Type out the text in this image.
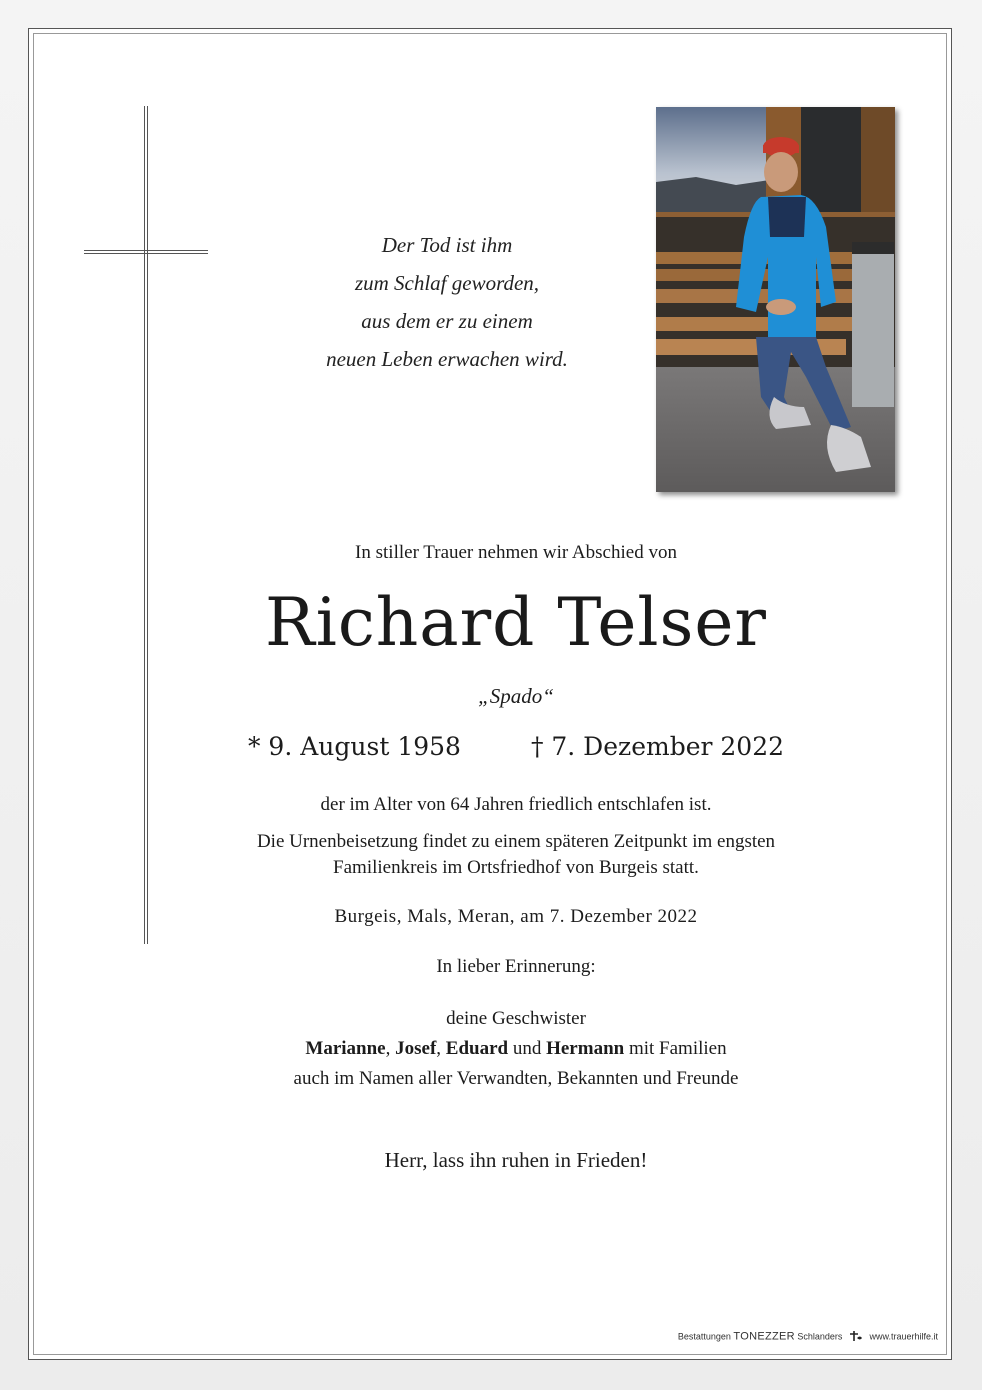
Der Tod ist ihm
zum Schlaf geworden,
aus dem er zu einem
neuen Leben erwachen wird.
In stiller Trauer nehmen wir Abschied von
Richard Telser
„Spado“
* 9. August 1958	† 7. Dezember 2022
der im Alter von 64 Jahren friedlich entschlafen ist.
Die Urnenbeisetzung findet zu einem späteren Zeitpunkt im engsten
Familienkreis im Ortsfriedhof von Burgeis statt.
Burgeis, Mals, Meran, am 7. Dezember 2022
In lieber Erinnerung:
deine Geschwister
Marianne, Josef, Eduard und Hermann mit Familien
auch im Namen aller Verwandten, Bekannten und Freunde
Herr, lass ihn ruhen in Frieden!
Bestattungen TONEZZER Schlanders	www.trauerhilfe.it
